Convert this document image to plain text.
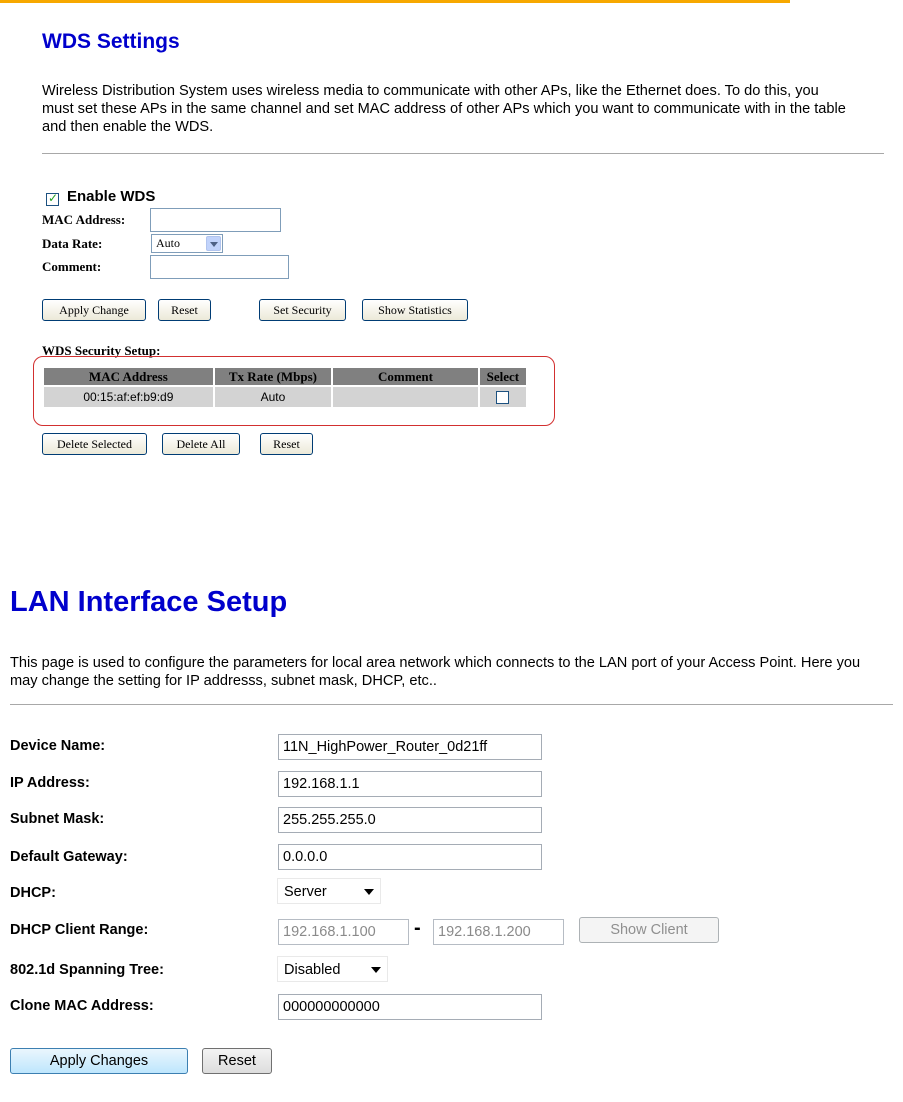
WDS Settings
Wireless Distribution System uses wireless media to communicate with other APs, like the Ethernet does. To do this, you must set these APs in the same channel and set MAC address of other APs which you want to communicate with in the table and then enable the WDS.
✓
Enable WDS
MAC Address:
Data Rate:	Auto
Comment:
Apply Change	Reset	Set Security	Show Statistics
WDS Security Setup:
MAC Address	Tx Rate (Mbps)	Comment	Select
00:15:af:ef:b9:d9	Auto		
Delete Selected	Delete All	Reset
LAN Interface Setup
This page is used to configure the parameters for local area network which connects to the LAN port of your Access Point. Here you may change the setting for IP addresss, subnet mask, DHCP, etc..
Device Name:	11N_HighPower_Router_0d21ff
IP Address:	192.168.1.1
Subnet Mask:	255.255.255.0
Default Gateway:	0.0.0.0
DHCP:	Server
DHCP Client Range:	192.168.1.100	-	192.168.1.200	Show Client
802.1d Spanning Tree:	Disabled
Clone MAC Address:	000000000000
Apply Changes	Reset
